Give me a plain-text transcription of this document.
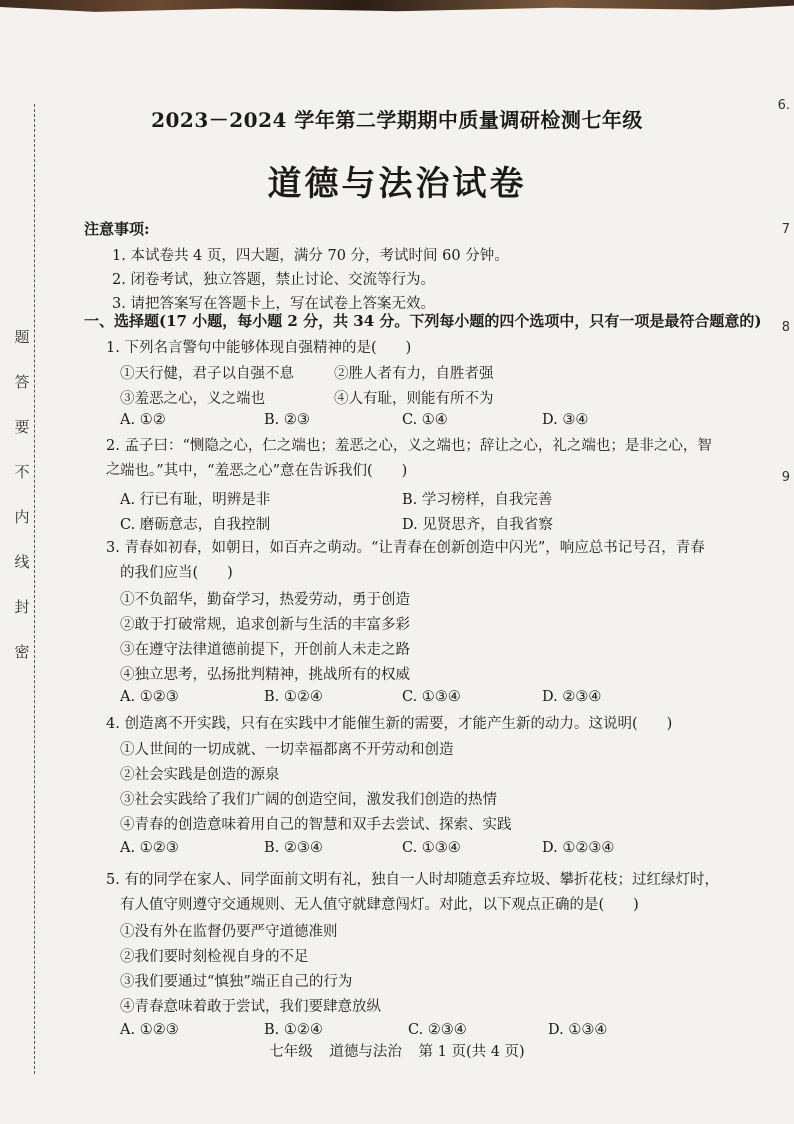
题
答
要
不
内
线
封
密
6.
7
8
9
2023－2024 学年第二学期期中质量调研检测七年级
道德与法治试卷
注意事项:
1. 本试卷共 4 页，四大题，满分 70 分，考试时间 60 分钟。
2. 闭卷考试，独立答题，禁止讨论、交流等行为。
3. 请把答案写在答题卡上，写在试卷上答案无效。
一、选择题(17 小题，每小题 2 分，共 34 分。下列每小题的四个选项中，只有一项是最符合题意的)
1. 下列名言警句中能够体现自强精神的是(　　)
①天行健，君子以自强不息	②胜人者有力，自胜者强
③羞恶之心，义之端也	④人有耻，则能有所不为
A. ①②	B. ②③	C. ①④	D. ③④
2. 孟子曰：“恻隐之心，仁之端也；羞恶之心，义之端也；辞让之心，礼之端也；是非之心，智之 端也。”其中，“羞恶之心”意在告诉我们(　　)
A. 行已有耻，明辨是非	B. 学习榜样，自我完善
C. 磨砺意志，自我控制	D. 见贤思齐，自我省察
3. 青春如初春，如朝日，如百卉之萌动。“让青春在创新创造中闪光”，响应总书记号召，青春
的我们应当(　　)
①不负韶华，勤奋学习，热爱劳动，勇于创造
②敢于打破常规，追求创新与生活的丰富多彩
③在遵守法律道德前提下，开创前人未走之路
④独立思考，弘扬批判精神，挑战所有的权威
A. ①②③	B. ①②④	C. ①③④	D. ②③④
4. 创造离不开实践，只有在实践中才能催生新的需要，才能产生新的动力。这说明(　　)
①人世间的一切成就、一切幸福都离不开劳动和创造
②社会实践是创造的源泉
③社会实践给了我们广阔的创造空间，激发我们创造的热情
④青春的创造意味着用自己的智慧和双手去尝试、探索、实践
A. ①②③	B. ②③④	C. ①③④	D. ①②③④
5. 有的同学在家人、同学面前文明有礼，独自一人时却随意丢弃垃圾、攀折花枝；过红绿灯时，
有人值守则遵守交通规则、无人值守就肆意闯灯。对此，以下观点正确的是(　　)
①没有外在监督仍要严守道德准则
②我们要时刻检视自身的不足
③我们要通过“慎独”端正自己的行为
④青春意味着敢于尝试，我们要肆意放纵
A. ①②③	B. ①②④	C. ②③④	D. ①③④
七年级 道德与法治 第 1 页(共 4 页)
